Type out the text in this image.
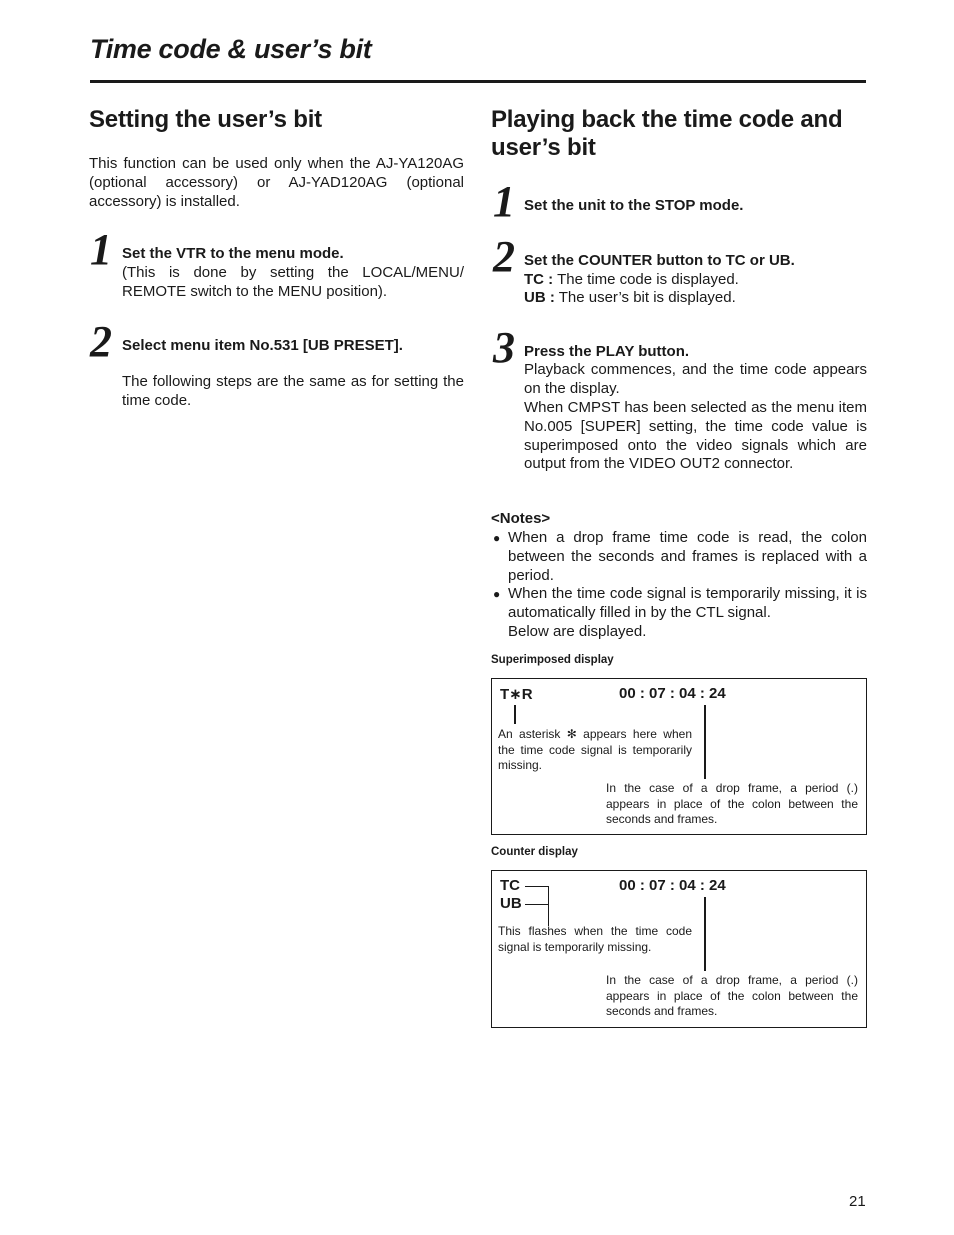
Time code & user’s bit
Setting the user’s bit

This function can be used only when the AJ-YA120AG (optional accessory) or AJ-YAD120AG (optional accessory) is installed.

1 Set the VTR to the menu mode.
(This is done by setting the LOCAL/MENU/ REMOTE switch to the MENU position).
2 Select menu item No.531 [UB PRESET].
The following steps are the same as for setting the time code.
Playing back the time code and user’s bit
1 Set the unit to the STOP mode.
2 Set the COUNTER button to TC or UB.
TC : The time code is displayed.
UB : The user’s bit is displayed.
3 Press the PLAY button.
Playback commences, and the time code appears on the display.
When CMPST has been selected as the menu item No.005 [SUPER] setting, the time code value is superimposed onto the video signals which are output from the VIDEO OUT2 connector.
<Notes>
● When a drop frame time code is read, the colon between the seconds and frames is replaced with a period.
● When the time code signal is temporarily missing, it is automatically filled in by the CTL signal.
Below are displayed.
Superimposed display
T∗R	00 : 07 : 04 : 24
An asterisk ✻ appears here when the time code signal is temporarily missing.
In the case of a drop frame, a period (.) appears in place of the colon between the seconds and frames.
Counter display
TC
UB
00 : 07 : 04 : 24
This flashes when the time code signal is temporarily missing.
In the case of a drop frame, a period (.) appears in place of the colon between the seconds and frames.
21
